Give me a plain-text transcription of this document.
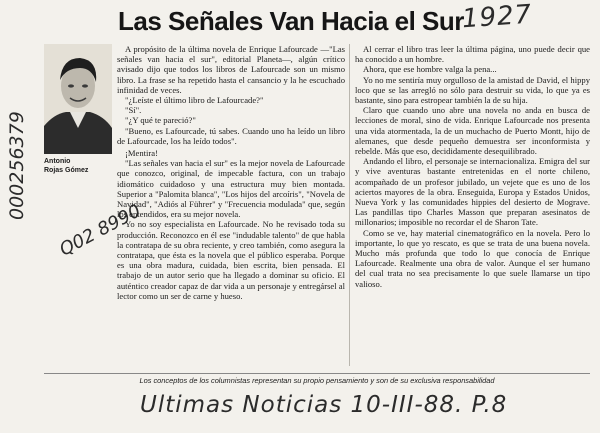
1927
000256379
Q02 8990
Las Señales Van Hacia el Sur
Antonio
Rojas Gómez

A propósito de la última novela de Enrique Lafourcade —"Las señales van hacia el sur", editorial Planeta—, algún crítico avisado dijo que todos los libros de Lafourcade son un mismo libro. La frase se ha repetido hasta el cansancio y la he escuchado infinidad de veces.

"¿Leíste el último libro de Lafourcade?"

"Sí".

"¿Y qué te pareció?"

"Bueno, es Lafourcade, tú sabes. Cuando uno ha leído un libro de Lafourcade, los ha leído todos".

¡Mentira!

"Las señales van hacia el sur" es la mejor novela de Lafourcade que conozco, original, de impecable factura, con un trabajo idiomático cuidadoso y una estructura muy bien montada. Superior a "Palomita blanca", "Los hijos del arcoíris", "Novela de Navidad", "Adiós al Führer" y "Frecuencia modulada" que, según los entendidos, era su mejor novela.

Yo no soy especialista en Lafourcade. No he revisado toda su producción. Reconozco en él ese "indudable talento" de que habla la contratapa de su obra reciente, y creo también, como asegura la contratapa, que ésta es la novela que el público esperaba. Porque es una obra madura, cuidada, bien escrita, bien pensada. El trabajo de un autor serio que ha llegado a dominar su oficio. El auténtico creador capaz de dar vida a un personaje y entregársel al lector como un ser de carne y hueso.

Al cerrar el libro tras leer la última página, uno puede decir que ha conocido a un hombre.

Ahora, que ese hombre valga la pena...

Yo no me sentiría muy orgulloso de la amistad de David, el hippy loco que se las arregló no sólo para destruir su vida, lo que ya es bastante, sino para estropear también la de su hija.

Claro que cuando uno abre una novela no anda en busca de lecciones de moral, sino de vida. Enrique Lafourcade nos presenta una vida atormentada, la de un muchacho de Puerto Montt, hijo de alemanes, que desde pequeño demuestra ser inconformista y rebelde. Más que eso, decididamente desequilibrado.

Andando el libro, el personaje se internacionaliza. Emigra del sur y vive aventuras bastante entretenidas en el norte chileno, acompañado de un profesor jubilado, un vejete que es uno de los aciertos mayores de la obra. Enseguida, Europa y Estados Unidos, Nueva York y las comunidades hippies del desierto de Mograve. Las pandillas tipo Charles Masson que preparan asesinatos de millonarios; imposible no recordar el de Sharon Tate.

Como se ve, hay material cinematográfico en la novela. Pero lo importante, lo que yo rescato, es que se trata de una buena novela. Mucho más profunda que todo lo que conocía de Enrique Lafourcade. Realmente una obra de valor. Aunque el ser humano del cual trata no sea precisamente lo que suele llamarse un tipo valioso.

Los conceptos de los columnistas representan su propio pensamiento y son de su exclusiva responsabilidad
Ultimas Noticias 10-III-88. P.8
